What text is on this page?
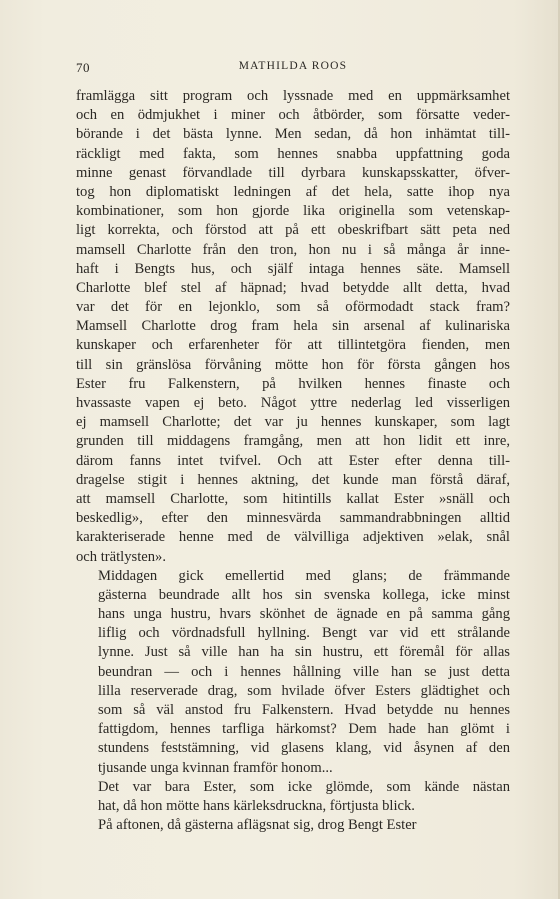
70	MATHILDA ROOS

framlägga sitt program och lyssnade med en uppmärksamhet
och en ödmjukhet i miner och åtbörder, som försatte veder-
börande i det bästa lynne. Men sedan, då hon inhämtat till-
räckligt med fakta, som hennes snabba uppfattning goda
minne genast förvandlade till dyrbara kunskapsskatter, öfver-
tog hon diplomatiskt ledningen af det hela, satte ihop nya
kombinationer, som hon gjorde lika originella som vetenskap-
ligt korrekta, och förstod att på ett obeskrifbart sätt peta ned
mamsell Charlotte från den tron, hon nu i så många år inne-
haft i Bengts hus, och själf intaga hennes säte. Mamsell
Charlotte blef stel af häpnad; hvad betydde allt detta, hvad
var det för en lejonklo, som så oförmodadt stack fram?
Mamsell Charlotte drog fram hela sin arsenal af kulinariska
kunskaper och erfarenheter för att tillintetgöra fienden, men
till sin gränslösa förvåning mötte hon för första gången hos
Ester fru Falkenstern, på hvilken hennes finaste och
hvassaste vapen ej beto. Något yttre nederlag led visserligen
ej mamsell Charlotte; det var ju hennes kunskaper, som lagt
grunden till middagens framgång, men att hon lidit ett inre,
därom fanns intet tvifvel. Och att Ester efter denna till-
dragelse stigit i hennes aktning, det kunde man förstå däraf,
att mamsell Charlotte, som hitintills kallat Ester »snäll och
beskedlig», efter den minnesvärda sammandrabbningen alltid
karakteriserade henne med de välvilliga adjektiven »elak, snål
och trätlysten».

Middagen gick emellertid med glans; de främmande
gästerna beundrade allt hos sin svenska kollega, icke minst
hans unga hustru, hvars skönhet de ägnade en på samma gång
liflig och vördnadsfull hyllning. Bengt var vid ett strålande
lynne. Just så ville han ha sin hustru, ett föremål för allas
beundran — och i hennes hållning ville han se just detta
lilla reserverade drag, som hvilade öfver Esters glädtighet och
som så väl anstod fru Falkenstern. Hvad betydde nu hennes
fattigdom, hennes tarfliga härkomst? Dem hade han glömt i
stundens feststämning, vid glasens klang, vid åsynen af den
tjusande unga kvinnan framför honom...

Det var bara Ester, som icke glömde, som kände nästan
hat, då hon mötte hans kärleksdruckna, förtjusta blick.

På aftonen, då gästerna aflägsnat sig, drog Bengt Ester
